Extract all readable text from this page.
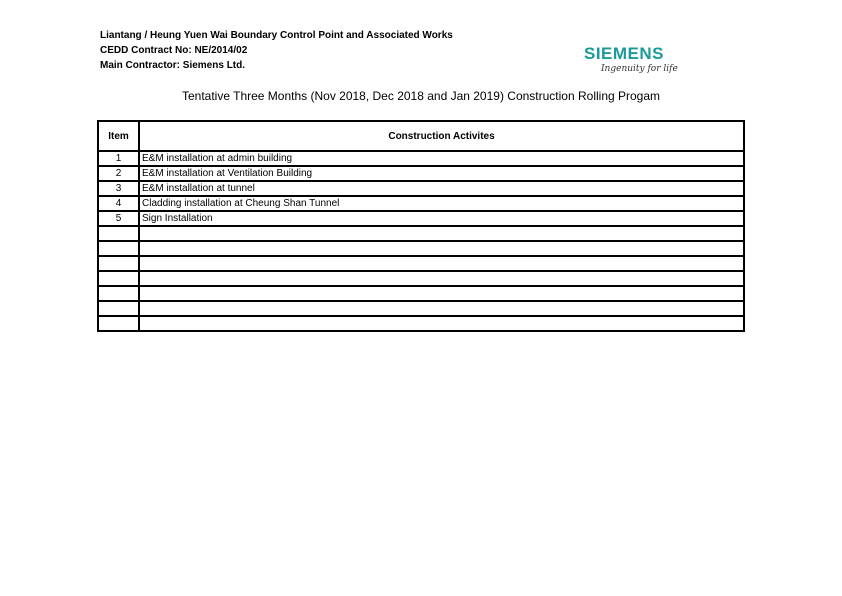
Liantang / Heung Yuen Wai Boundary Control Point and Associated Works
CEDD Contract No: NE/2014/02
Main Contractor: Siemens Ltd.
SIEMENS
Ingenuity for life
Tentative Three Months (Nov 2018, Dec 2018 and Jan 2019) Construction Rolling Progam
Item	Construction Activites
1	E&M installation at admin building
2	E&M installation at Ventilation Building
3	E&M installation at tunnel
4	Cladding installation at Cheung Shan Tunnel
5	Sign Installation
